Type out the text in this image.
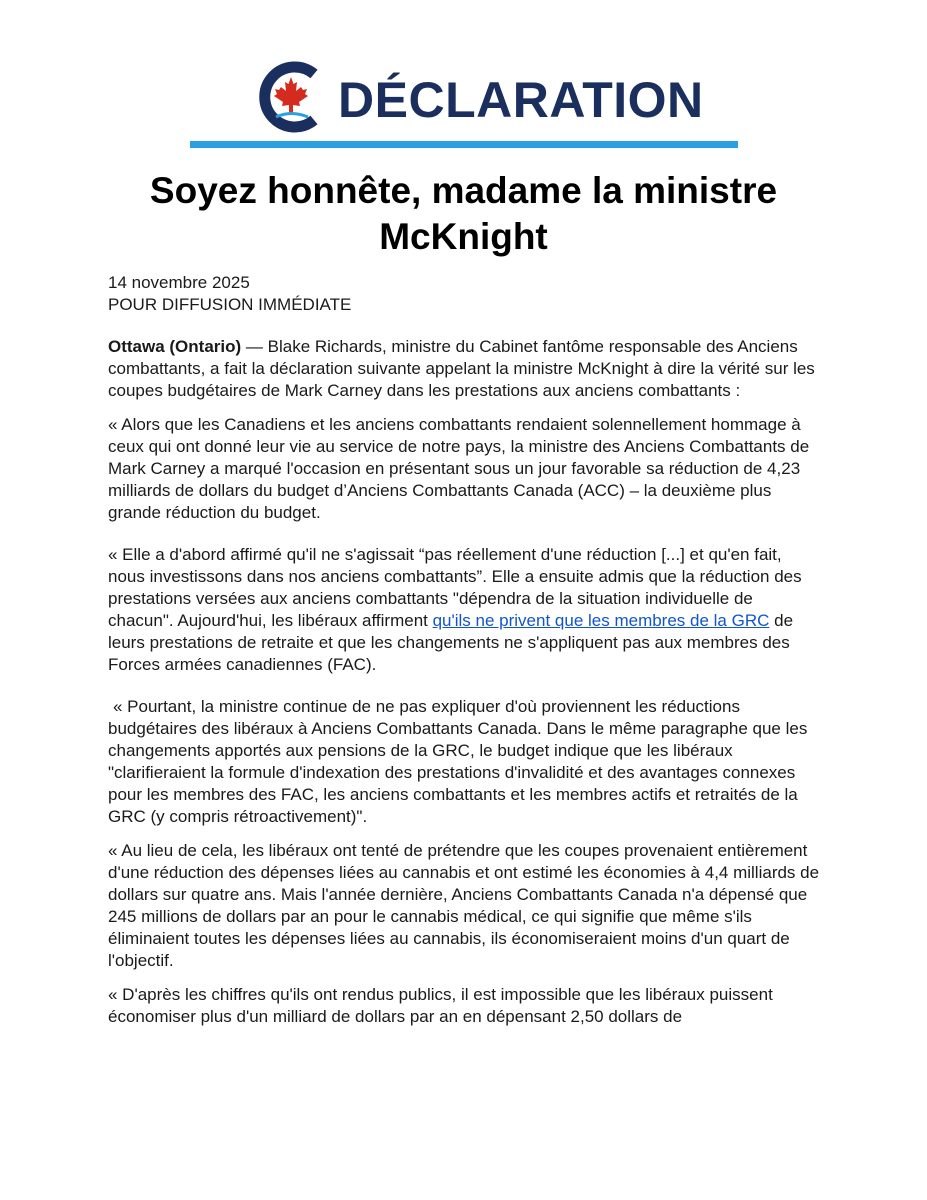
DÉCLARATION
Soyez honnête, madame la ministre McKnight

14 novembre 2025

POUR DIFFUSION IMMÉDIATE

Ottawa (Ontario) — Blake Richards, ministre du Cabinet fantôme responsable des Anciens combattants, a fait la déclaration suivante appelant la ministre McKnight à dire la vérité sur les coupes budgétaires de Mark Carney dans les prestations aux anciens combattants :

« Alors que les Canadiens et les anciens combattants rendaient solennellement hommage à ceux qui ont donné leur vie au service de notre pays, la ministre des Anciens Combattants de Mark Carney a marqué l'occasion en présentant sous un jour favorable sa réduction de 4,23 milliards de dollars du budget d’Anciens Combattants Canada (ACC) – la deuxième plus grande réduction du budget.

« Elle a d'abord affirmé qu'il ne s'agissait “pas réellement d'une réduction [...] et qu'en fait, nous investissons dans nos anciens combattants”. Elle a ensuite admis que la réduction des prestations versées aux anciens combattants "dépendra de la situation individuelle de chacun". Aujourd'hui, les libéraux affirment qu'ils ne privent que les membres de la GRC de leurs prestations de retraite et que les changements ne s'appliquent pas aux membres des Forces armées canadiennes (FAC).

« Pourtant, la ministre continue de ne pas expliquer d'où proviennent les réductions budgétaires des libéraux à Anciens Combattants Canada. Dans le même paragraphe que les changements apportés aux pensions de la GRC, le budget indique que les libéraux "clarifieraient la formule d'indexation des prestations d'invalidité et des avantages connexes pour les membres des FAC, les anciens combattants et les membres actifs et retraités de la GRC (y compris rétroactivement)".

« Au lieu de cela, les libéraux ont tenté de prétendre que les coupes provenaient entièrement d'une réduction des dépenses liées au cannabis et ont estimé les économies à 4,4 milliards de dollars sur quatre ans. Mais l'année dernière, Anciens Combattants Canada n'a dépensé que 245 millions de dollars par an pour le cannabis médical, ce qui signifie que même s'ils éliminaient toutes les dépenses liées au cannabis, ils économiseraient moins d'un quart de l'objectif.

« D'après les chiffres qu'ils ont rendus publics, il est impossible que les libéraux puissent économiser plus d'un milliard de dollars par an en dépensant 2,50 dollars de
